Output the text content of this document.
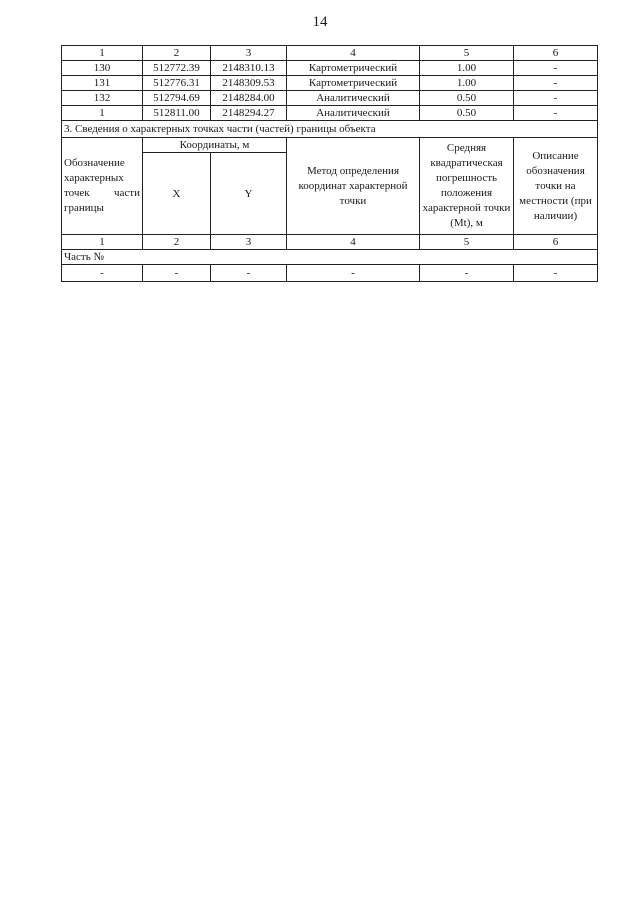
14
1	2	3	4	5	6
130	512772.39	2148310.13	Картометрический	1.00	-
131	512776.31	2148309.53	Картометрический	1.00	-
132	512794.69	2148284.00	Аналитический	0.50	-
1	512811.00	2148294.27	Аналитический	0.50	-
3. Сведения о характерных точках части (частей) границы объекта					

Обозначение
характерных
точек части
границы	Координаты, м		Метод определения координат характерной точки	Средняя квадратическая погрешность положения характерной точки (Mt), м	Описание обозначения точки на местности (при наличии)
	X	Y			
1	2	3	4	5	6
Часть №					
-	-	-	-	-	-
